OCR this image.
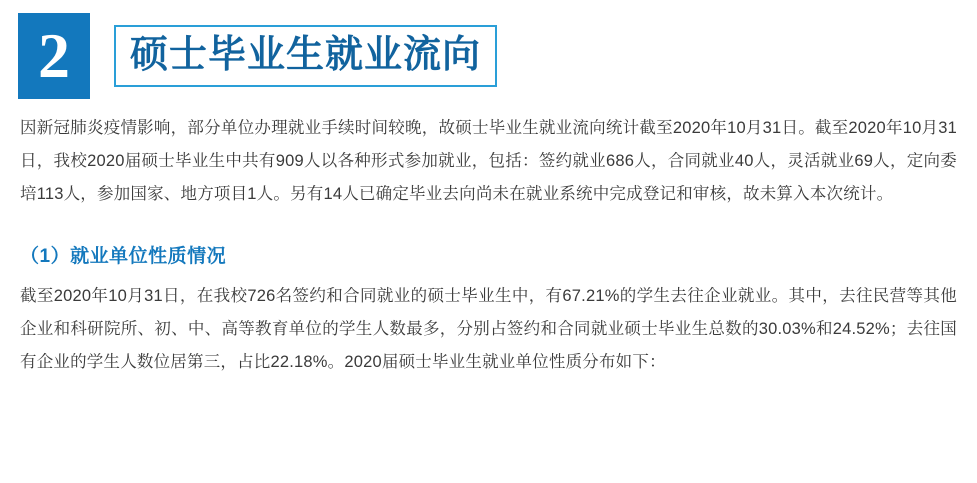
2	硕士毕业生就业流向

因新冠肺炎疫情影响，部分单位办理就业手续时间较晚，故硕士毕业生就业流向统计截至2020年10月31日。截至2020年10月31日，我校2020届硕士毕业生中共有909人以各种形式参加就业，包括：签约就业686人，合同就业40人，灵活就业69人，定向委培113人，参加国家、地方项目1人。另有14人已确定毕业去向尚未在就业系统中完成登记和审核，故未算入本次统计。

（1）就业单位性质情况

截至2020年10月31日，在我校726名签约和合同就业的硕士毕业生中，有67.21%的学生去往企业就业。其中，去往民营等其他企业和科研院所、初、中、高等教育单位的学生人数最多，分别占签约和合同就业硕士毕业生总数的30.03%和24.52%；去往国有企业的学生人数位居第三，占比22.18%。2020届硕士毕业生就业单位性质分布如下：
